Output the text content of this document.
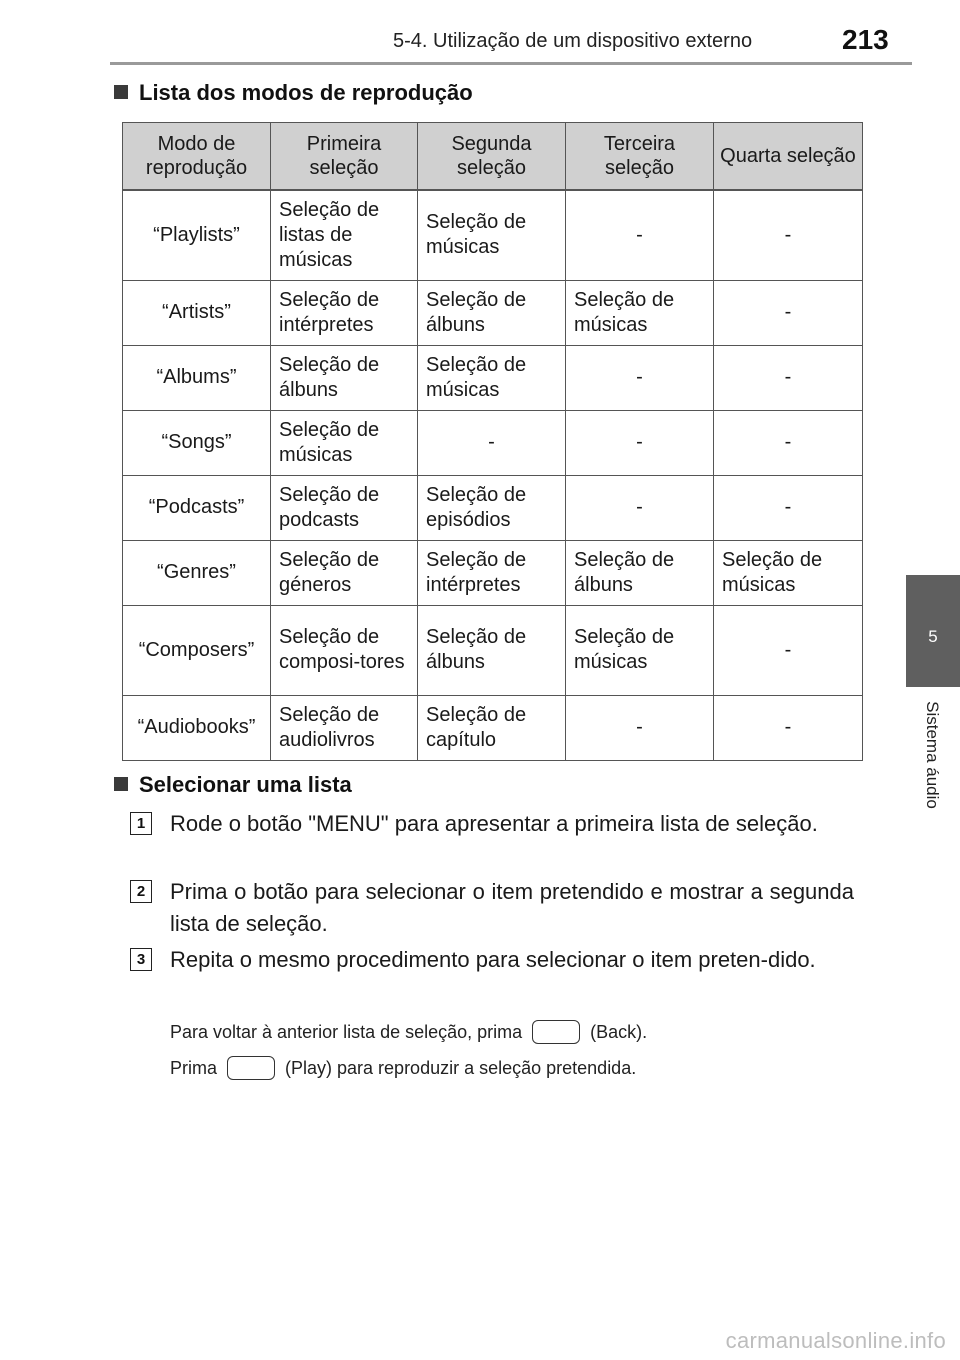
5-4. Utilização de um dispositivo externo	213
5
Sistema áudio
Lista dos modos de reprodução
Modo de reprodução	Primeira seleção	Segunda seleção	Terceira seleção	Quarta seleção
“Playlists”	Seleção de listas de músicas	Seleção de músicas	-	-
“Artists”	Seleção de intérpretes	Seleção de álbuns	Seleção de músicas	-
“Albums”	Seleção de álbuns	Seleção de músicas	-	-
“Songs”	Seleção de músicas	-	-	-
“Podcasts”	Seleção de podcasts	Seleção de episódios	-	-
“Genres”	Seleção de géneros	Seleção de intérpretes	Seleção de álbuns	Seleção de músicas
“Composers”	Seleção de composi-tores	Seleção de álbuns	Seleção de músicas	-
“Audiobooks”	Seleção de audiolivros	Seleção de capítulo	-	-
Selecionar uma lista
1	Rode o botão "MENU" para apresentar a primeira lista de seleção.
2	Prima o botão para selecionar o item pretendido e mostrar a segunda lista de seleção.
3	Repita o mesmo procedimento para selecionar o item preten-dido.
Para voltar à anterior lista de seleção, prima	(Back).
Prima	(Play) para reproduzir a seleção pretendida.
carmanualsonline.info
